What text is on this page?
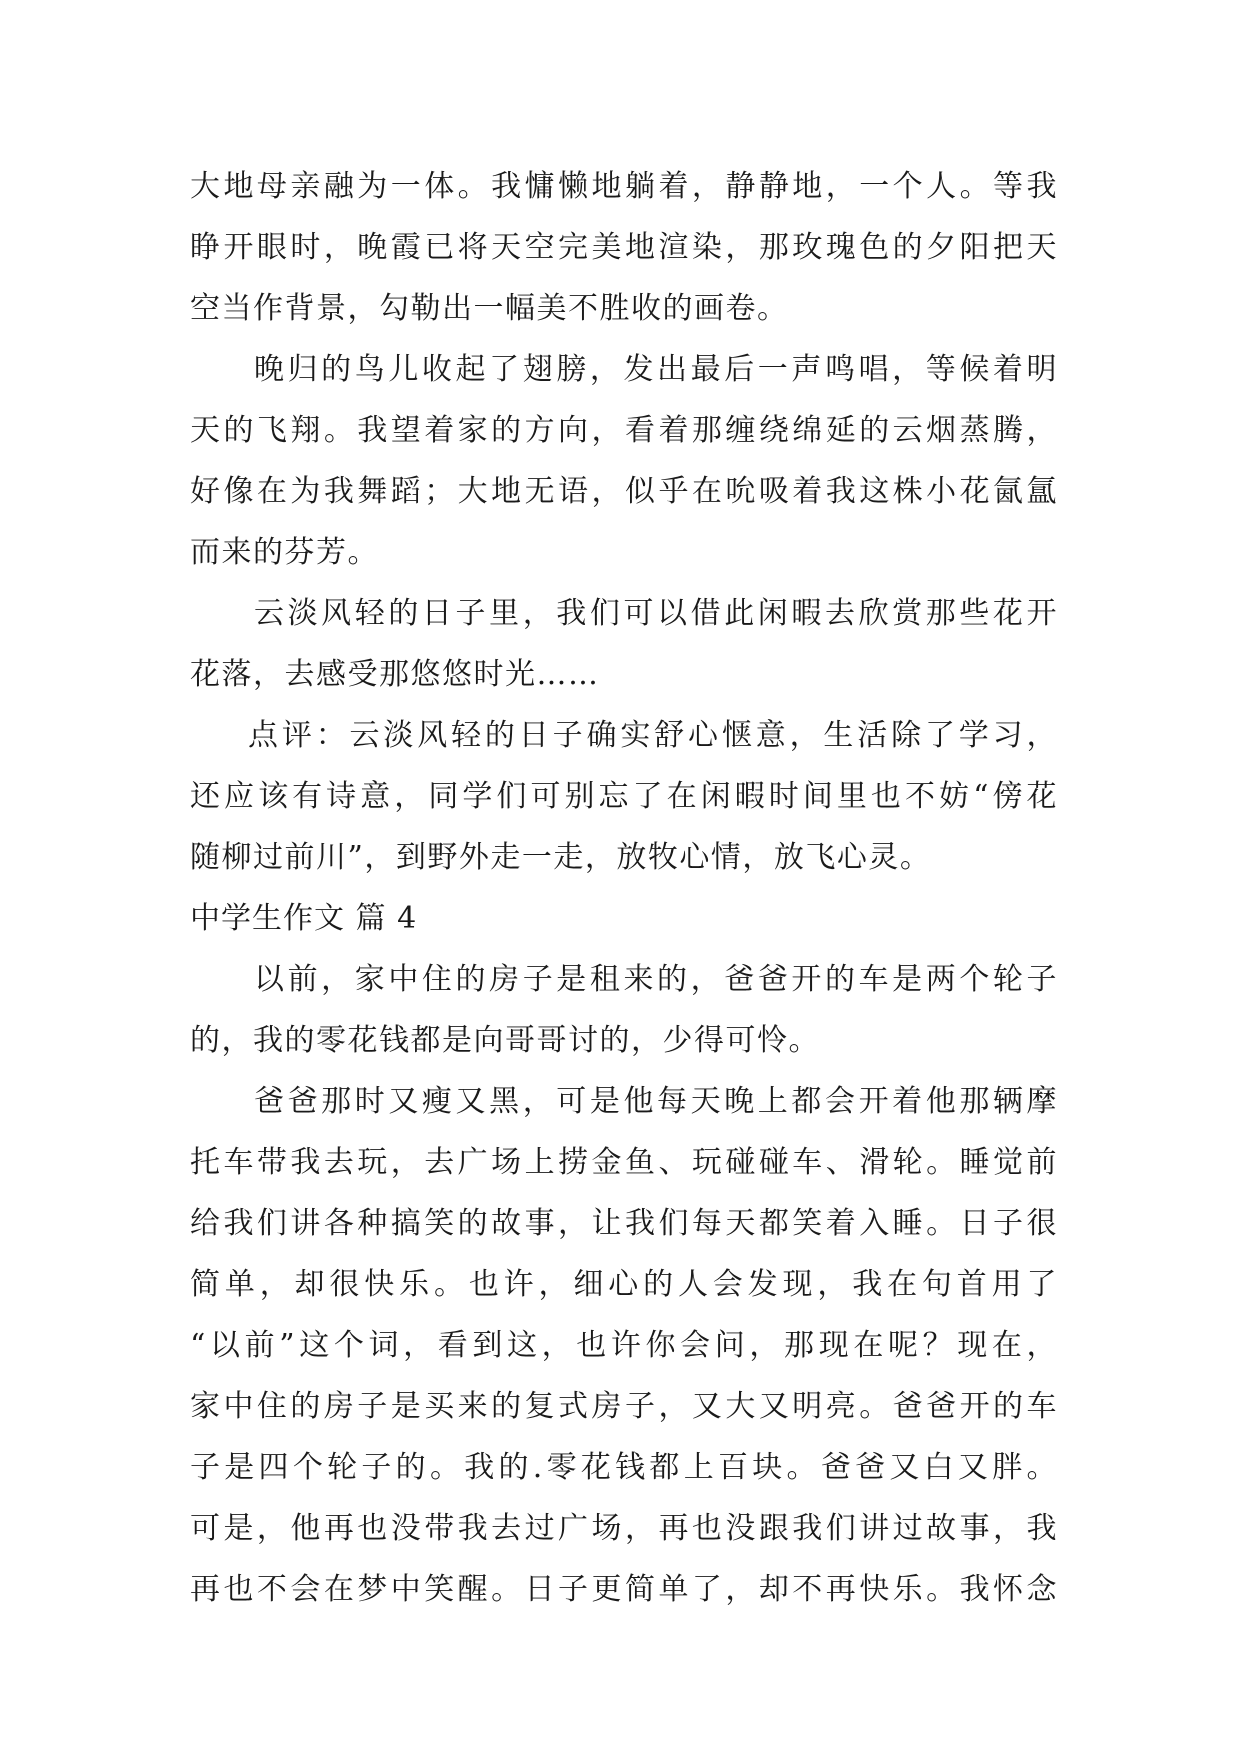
大地母亲融为一体。我慵懒地躺着，静静地，一个人。等我
睁开眼时，晚霞已将天空完美地渲染，那玫瑰色的夕阳把天
空当作背景，勾勒出一幅美不胜收的画卷。
晚归的鸟儿收起了翅膀，发出最后一声鸣唱，等候着明
天的飞翔。我望着家的方向，看着那缠绕绵延的云烟蒸腾，
好像在为我舞蹈；大地无语，似乎在吮吸着我这株小花氤氲
而来的芬芳。
云淡风轻的日子里，我们可以借此闲暇去欣赏那些花开
花落，去感受那悠悠时光……
点评：云淡风轻的日子确实舒心惬意，生活除了学习，
还应该有诗意，同学们可别忘了在闲暇时间里也不妨“傍花
随柳过前川”，到野外走一走，放牧心情，放飞心灵。
中学生作文 篇 4
以前，家中住的房子是租来的，爸爸开的车是两个轮子
的，我的零花钱都是向哥哥讨的，少得可怜。
爸爸那时又瘦又黑，可是他每天晚上都会开着他那辆摩
托车带我去玩，去广场上捞金鱼、玩碰碰车、滑轮。睡觉前
给我们讲各种搞笑的故事，让我们每天都笑着入睡。日子很
简单，却很快乐。也许，细心的人会发现，我在句首用了
“以前”这个词，看到这，也许你会问，那现在呢？现在，
家中住的房子是买来的复式房子，又大又明亮。爸爸开的车
子是四个轮子的。我的.零花钱都上百块。爸爸又白又胖。
可是，他再也没带我去过广场，再也没跟我们讲过故事，我
再也不会在梦中笑醒。日子更简单了，却不再快乐。我怀念
